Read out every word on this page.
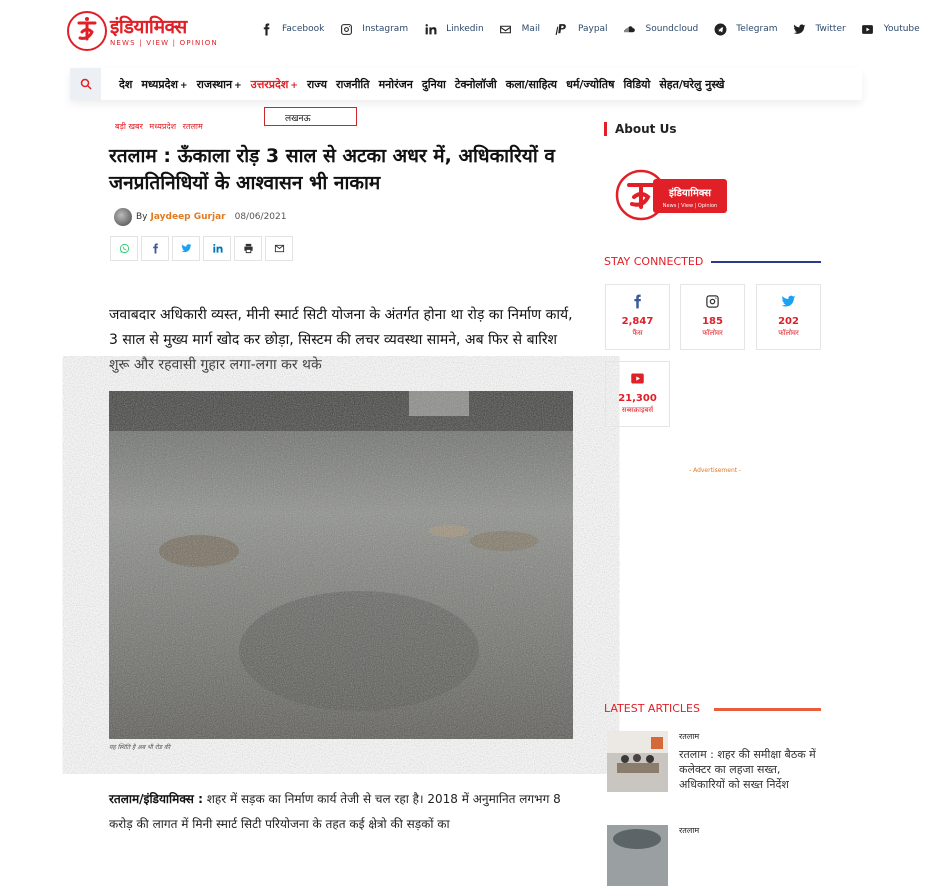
इंडियामिक्स
NEWS | VIEW | OPINION
Facebook	Instagram	Linkedin	Mail	Paypal	Soundcloud	Telegram	Twitter	Youtube
देश मध्यप्रदेश + राजस्थान + उत्तरप्रदेश + राज्य राजनीति मनोरंजन दुनिया टेक्नोलॉजी कला/साहित्य धर्म/ज्योतिष विडियो सेहत/घरेलु नुस्खे
लखनऊ
बड़ी खबर मध्यप्रदेश रतलाम
रतलाम : ऊँकाला रोड़ 3 साल से अटका अधर में, अधिकारियों व जनप्रतिनिधियों के आश्वासन भी नाकाम
By Jaydeep Gurjar 08/06/2021

जवाबदार अधिकारी व्यस्त, मीनी स्मार्ट सिटी योजना के अंतर्गत होना था रोड़ का निर्माण कार्य, 3 साल से मुख्य मार्ग खोद कर छोड़ा, सिस्टम की लचर व्यवस्था सामने, अब फिर से बारिश शुरू और रहवासी गुहार लगा-लगा कर थके

यह स्थिति है अब भी रोड की

रतलाम/इंडियामिक्स : शहर में सड़क का निर्माण कार्य तेजी से चल रहा है। 2018 में अनुमानित लगभग 8 करोड़ की लागत में मिनी स्मार्ट सिटी परियोजना के तहत कई क्षेत्रो की सड़कों का

About Us
इंडियामिक्स
News | View | Opinion
STAY CONNECTED
2,847
फैंस
185
फॉलोवर
202
फॉलोवर
21,300
सब्सक्राइबर्स
- Advertisement -
LATEST ARTICLES
रतलाम
रतलाम : शहर की समीक्षा बैठक में कलेक्टर का लहजा सख्त, अधिकारियों को सख्त निर्देश
रतलाम
